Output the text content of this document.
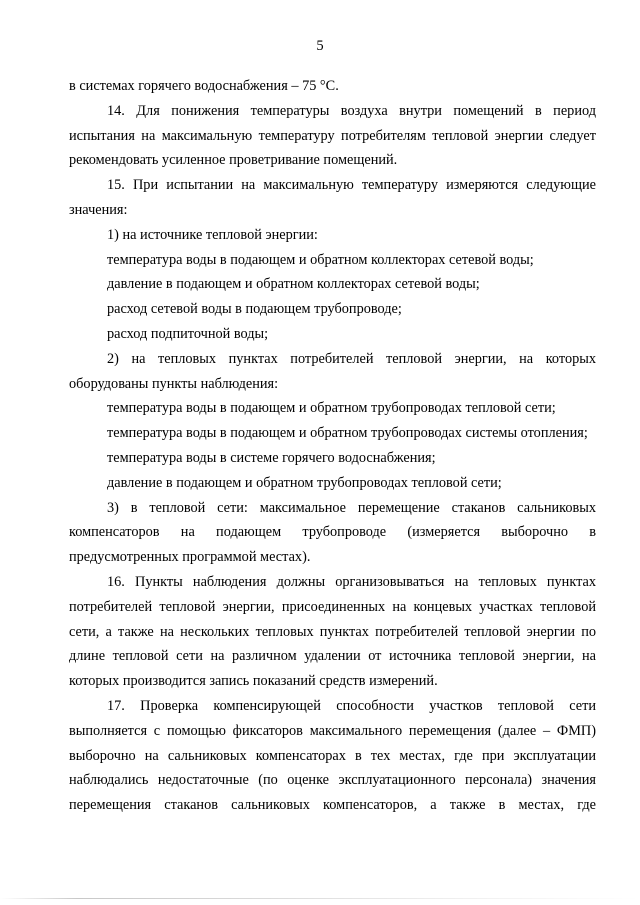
5
в системах горячего водоснабжения – 75 °С.
14. Для понижения температуры воздуха внутри помещений в период
испытания на максимальную температуру потребителям тепловой энергии следует
рекомендовать усиленное проветривание помещений.
15. При испытании на максимальную температуру измеряются следующие
значения:
1) на источнике тепловой энергии:
температура воды в подающем и обратном коллекторах сетевой воды;
давление в подающем и обратном коллекторах сетевой воды;
расход сетевой воды в подающем трубопроводе;
расход подпиточной воды;
2) на тепловых пунктах потребителей тепловой энергии, на которых
оборудованы пункты наблюдения:
температура воды в подающем и обратном трубопроводах тепловой сети;
температура воды в подающем и обратном трубопроводах системы отопления;
температура воды в системе горячего водоснабжения;
давление в подающем и обратном трубопроводах тепловой сети;
3) в тепловой сети: максимальное перемещение стаканов сальниковых
компенсаторов на подающем трубопроводе (измеряется выборочно в
предусмотренных программой местах).
16. Пункты наблюдения должны организовываться на тепловых пунктах
потребителей тепловой энергии, присоединенных на концевых участках тепловой
сети, а также на нескольких тепловых пунктах потребителей тепловой энергии по
длине тепловой сети на различном удалении от источника тепловой энергии, на
которых производится запись показаний средств измерений.
17. Проверка компенсирующей способности участков тепловой сети
выполняется с помощью фиксаторов максимального перемещения (далее – ФМП)
выборочно на сальниковых компенсаторах в тех местах, где при эксплуатации
наблюдались недостаточные (по оценке эксплуатационного персонала) значения
перемещения стаканов сальниковых компенсаторов, а также в местах, где
